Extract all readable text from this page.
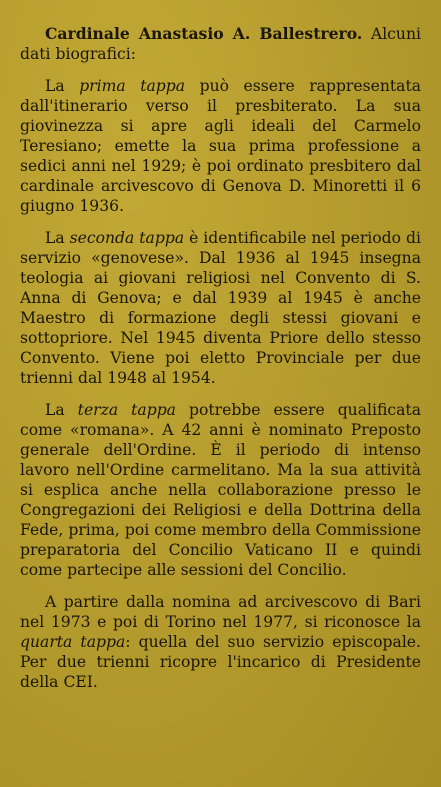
Cardinale Anastasio A. Ballestrero. Alcuni dati biografici:

La prima tappa può essere rappresentata dall'itinerario verso il presbiterato. La sua giovinezza si apre agli ideali del Carmelo Teresiano; emette la sua prima professione a sedici anni nel 1929; è poi ordinato presbitero dal cardinale arcivescovo di Genova D. Minoretti il 6 giugno 1936.

La seconda tappa è identificabile nel periodo di servizio «genovese». Dal 1936 al 1945 insegna teologia ai giovani religiosi nel Convento di S. Anna di Genova; e dal 1939 al 1945 è anche Maestro di formazione degli stessi giovani e sottopriore. Nel 1945 diventa Priore dello stesso Convento. Viene poi eletto Provinciale per due trienni dal 1948 al 1954.

La terza tappa potrebbe essere qualificata come «romana». A 42 anni è nominato Preposto generale dell'Ordine. È il periodo di intenso lavoro nell'Ordine carmelitano. Ma la sua attività si esplica anche nella collaborazione presso le Congregazioni dei Religiosi e della Dottrina della Fede, prima, poi come membro della Commissione preparatoria del Concilio Vaticano II e quindi come partecipe alle sessioni del Concilio.

A partire dalla nomina ad arcivescovo di Bari nel 1973 e poi di Torino nel 1977, si riconosce la quarta tappa: quella del suo servizio episcopale. Per due trienni ricopre l'incarico di Presidente della CEI.
